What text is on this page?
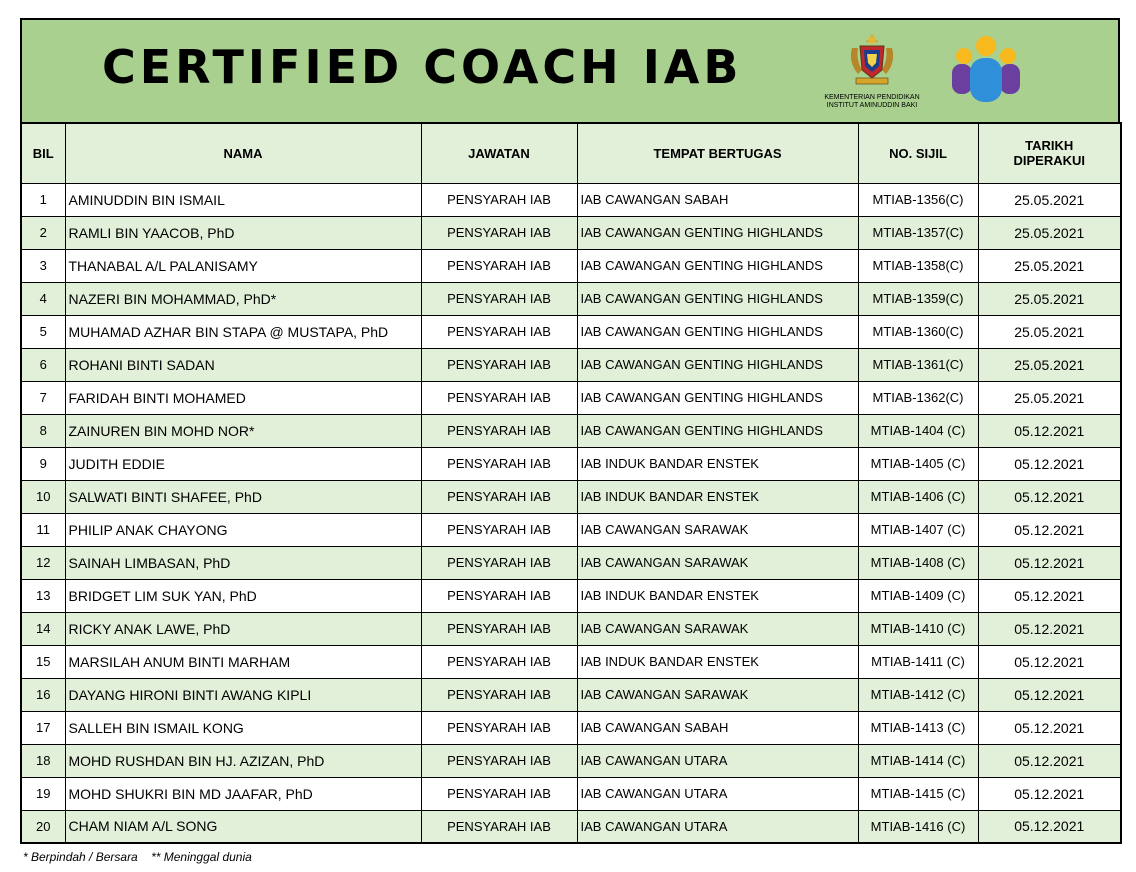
CERTIFIED COACH IAB
KEMENTERIAN PENDIDIKAN
INSTITUT AMINUDDIN BAKI
BIL	NAMA	JAWATAN	TEMPAT BERTUGAS	NO. SIJIL	TARIKH
DIPERAKUI

1	AMINUDDIN BIN ISMAIL	PENSYARAH IAB	IAB CAWANGAN SABAH	MTIAB-1356(C)	25.05.2021
2	RAMLI BIN YAACOB, PhD	PENSYARAH IAB	IAB CAWANGAN GENTING HIGHLANDS	MTIAB-1357(C)	25.05.2021
3	THANABAL A/L PALANISAMY	PENSYARAH IAB	IAB CAWANGAN GENTING HIGHLANDS	MTIAB-1358(C)	25.05.2021
4	NAZERI BIN MOHAMMAD, PhD*	PENSYARAH IAB	IAB CAWANGAN GENTING HIGHLANDS	MTIAB-1359(C)	25.05.2021
5	MUHAMAD AZHAR BIN STAPA @ MUSTAPA, PhD	PENSYARAH IAB	IAB CAWANGAN GENTING HIGHLANDS	MTIAB-1360(C)	25.05.2021
6	ROHANI BINTI SADAN	PENSYARAH IAB	IAB CAWANGAN GENTING HIGHLANDS	MTIAB-1361(C)	25.05.2021
7	FARIDAH BINTI MOHAMED	PENSYARAH IAB	IAB CAWANGAN GENTING HIGHLANDS	MTIAB-1362(C)	25.05.2021
8	ZAINUREN BIN MOHD NOR*	PENSYARAH IAB	IAB CAWANGAN GENTING HIGHLANDS	MTIAB-1404 (C)	05.12.2021
9	JUDITH EDDIE	PENSYARAH IAB	IAB INDUK BANDAR ENSTEK	MTIAB-1405 (C)	05.12.2021
10	SALWATI BINTI SHAFEE, PhD	PENSYARAH IAB	IAB INDUK BANDAR ENSTEK	MTIAB-1406 (C)	05.12.2021
11	PHILIP ANAK CHAYONG	PENSYARAH IAB	IAB CAWANGAN SARAWAK	MTIAB-1407 (C)	05.12.2021
12	SAINAH LIMBASAN, PhD	PENSYARAH IAB	IAB CAWANGAN SARAWAK	MTIAB-1408 (C)	05.12.2021
13	BRIDGET LIM SUK YAN, PhD	PENSYARAH IAB	IAB INDUK BANDAR ENSTEK	MTIAB-1409 (C)	05.12.2021
14	RICKY ANAK LAWE, PhD	PENSYARAH IAB	IAB CAWANGAN SARAWAK	MTIAB-1410 (C)	05.12.2021
15	MARSILAH ANUM BINTI MARHAM	PENSYARAH IAB	IAB INDUK BANDAR ENSTEK	MTIAB-1411 (C)	05.12.2021
16	DAYANG HIRONI BINTI AWANG KIPLI	PENSYARAH IAB	IAB CAWANGAN SARAWAK	MTIAB-1412 (C)	05.12.2021
17	SALLEH BIN ISMAIL KONG	PENSYARAH IAB	IAB CAWANGAN SABAH	MTIAB-1413 (C)	05.12.2021
18	MOHD RUSHDAN BIN HJ. AZIZAN, PhD	PENSYARAH IAB	IAB CAWANGAN UTARA	MTIAB-1414 (C)	05.12.2021
19	MOHD SHUKRI BIN MD JAAFAR, PhD	PENSYARAH IAB	IAB CAWANGAN UTARA	MTIAB-1415 (C)	05.12.2021
20	CHAM NIAM A/L SONG	PENSYARAH IAB	IAB CAWANGAN UTARA	MTIAB-1416 (C)	05.12.2021
* Berpindah / Bersara ** Meninggal dunia
